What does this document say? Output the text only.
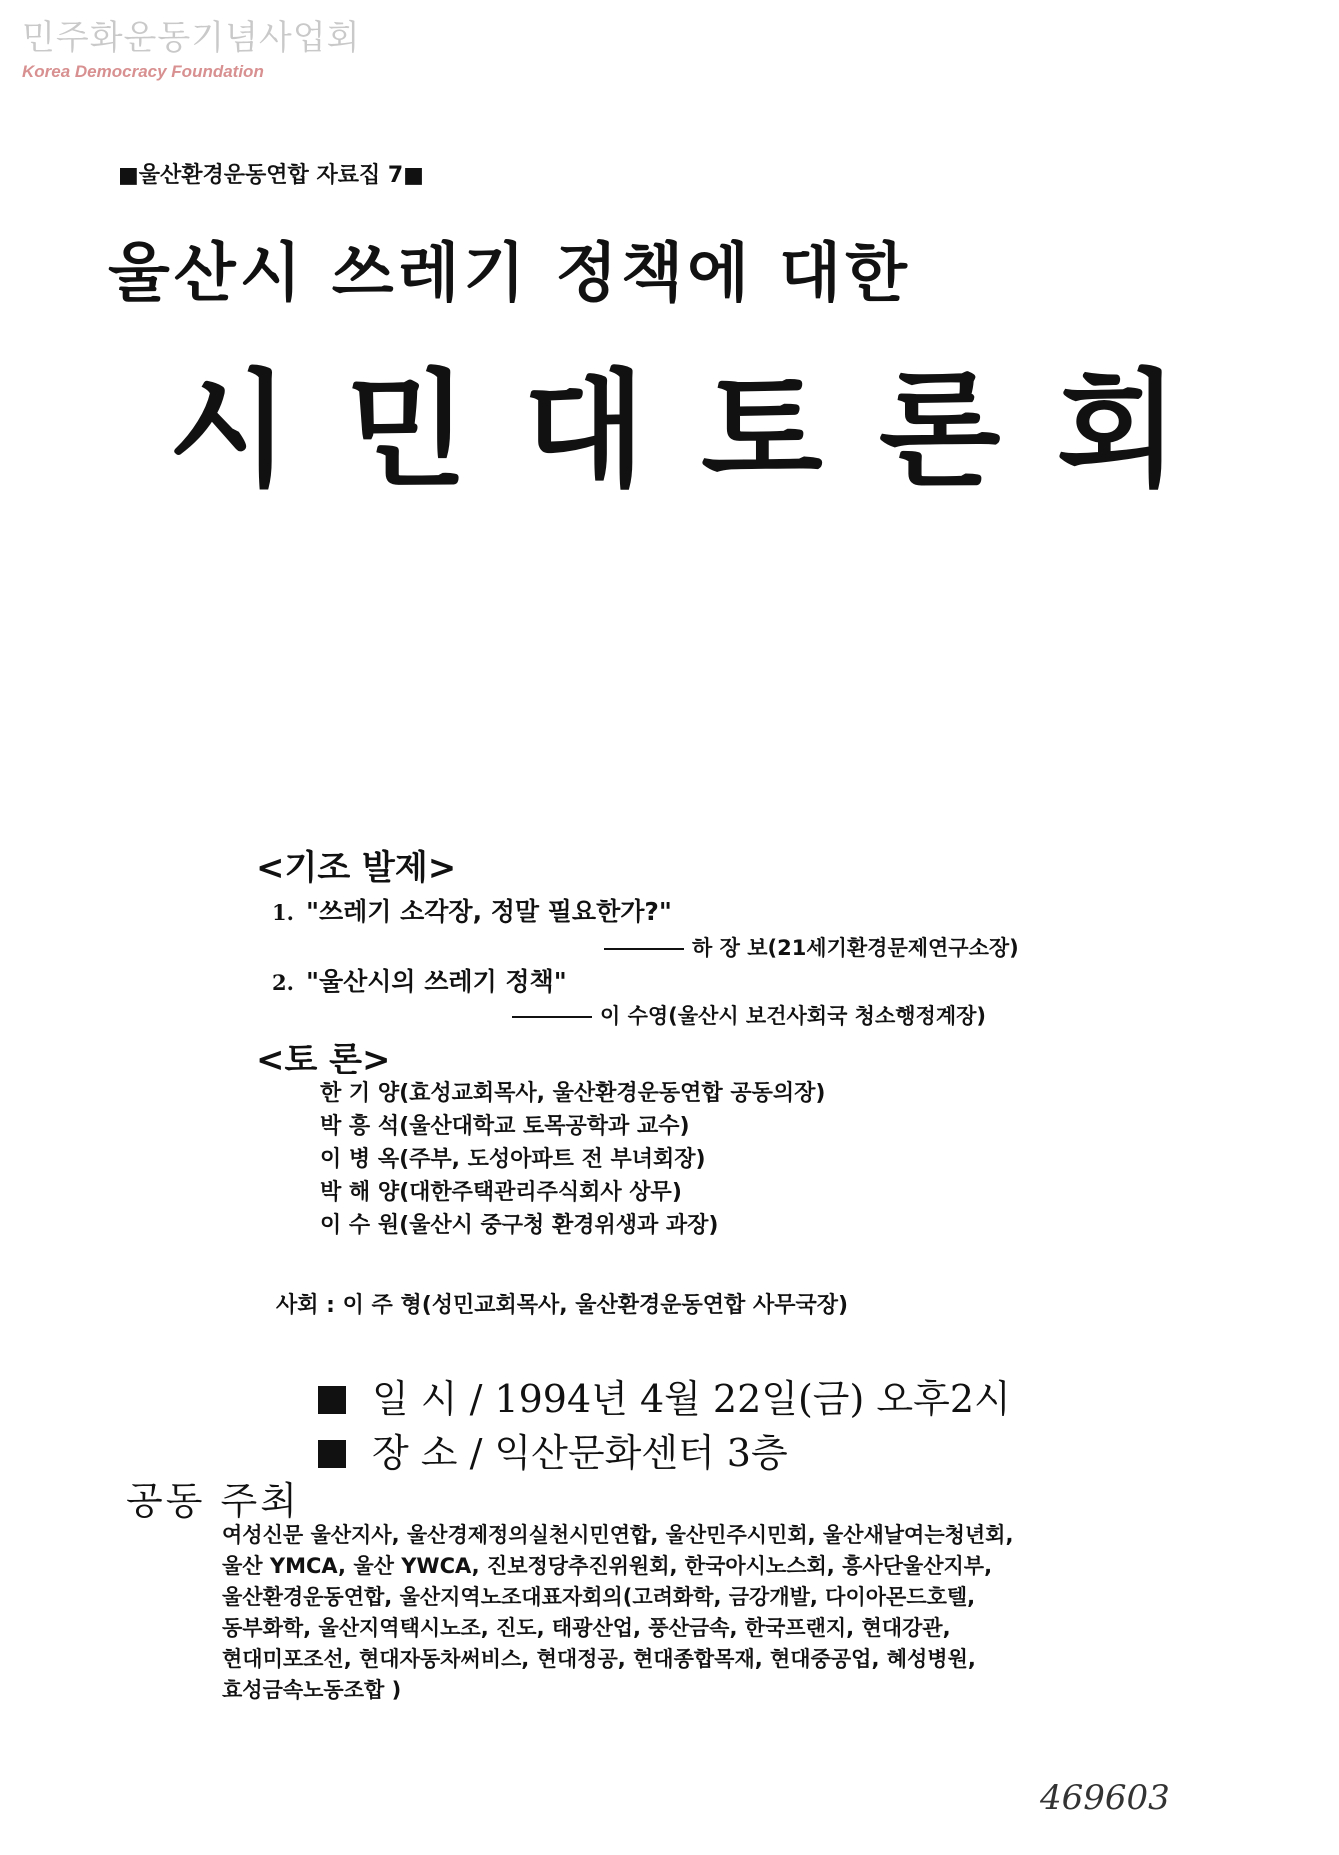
민주화운동기념사업회
Korea Democracy Foundation
■울산환경운동연합 자료집 7■
울산시 쓰레기 정책에 대한
시민대토론회
<기조 발제>
1. "쓰레기 소각장, 정말 필요한가?"
하 장 보(21세기환경문제연구소장)
2. "울산시의 쓰레기 정책"
이 수영(울산시 보건사회국 청소행정계장)
<토 론>
한 기 양(효성교회목사, 울산환경운동연합 공동의장)
박 흥 석(울산대학교 토목공학과 교수)
이 병 옥(주부, 도성아파트 전 부녀회장)
박 해 양(대한주택관리주식회사 상무)
이 수 원(울산시 중구청 환경위생과 과장)
사회 : 이 주 형(성민교회목사, 울산환경운동연합 사무국장)
일 시 / 1994년 4월 22일(금) 오후2시
장 소 / 익산문화센터 3층
공동 주최
여성신문 울산지사, 울산경제정의실천시민연합, 울산민주시민회, 울산새날여는청년회,
울산 YMCA, 울산 YWCA, 진보정당추진위원회, 한국아시노스회, 흥사단울산지부,
울산환경운동연합, 울산지역노조대표자회의(고려화학, 금강개발, 다이아몬드호텔,
동부화학, 울산지역택시노조, 진도, 태광산업, 풍산금속, 한국프랜지, 현대강관,
현대미포조선, 현대자동차써비스, 현대정공, 현대종합목재, 현대중공업, 혜성병원,
효성금속노동조합 )
469603
